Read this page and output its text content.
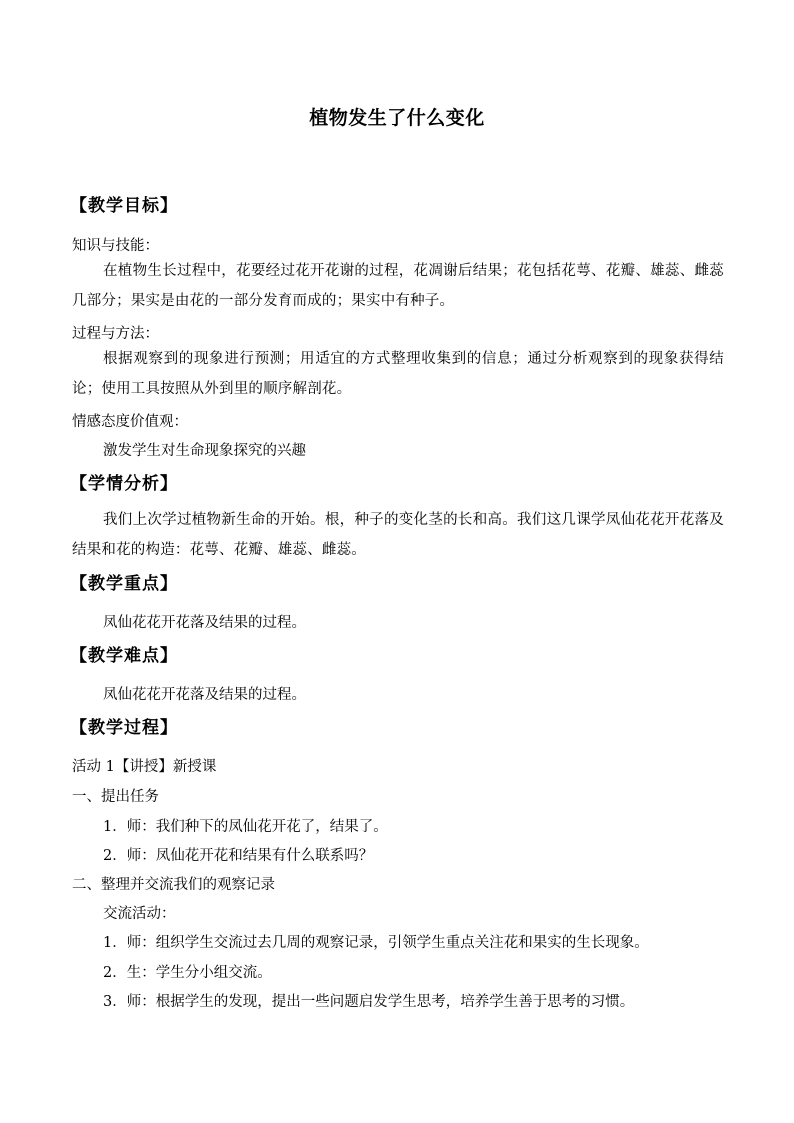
植物发生了什么变化
【教学目标】
知识与技能：
在植物生长过程中，花要经过花开花谢的过程，花凋谢后结果；花包括花萼、花瓣、雄蕊、雌蕊几部分；果实是由花的一部分发育而成的；果实中有种子。
过程与方法：
根据观察到的现象进行预测；用适宜的方式整理收集到的信息；通过分析观察到的现象获得结论；使用工具按照从外到里的顺序解剖花。
情感态度价值观：
激发学生对生命现象探究的兴趣
【学情分析】
我们上次学过植物新生命的开始。根，种子的变化茎的长和高。我们这几课学凤仙花花开花落及结果和花的构造：花萼、花瓣、雄蕊、雌蕊。
【教学重点】
凤仙花花开花落及结果的过程。
【教学难点】
凤仙花花开花落及结果的过程。
【教学过程】
活动 1【讲授】新授课
一、提出任务
1．师：我们种下的凤仙花开花了，结果了。
2．师：凤仙花开花和结果有什么联系吗？
二、整理并交流我们的观察记录
交流活动：
1．师：组织学生交流过去几周的观察记录，引领学生重点关注花和果实的生长现象。
2．生：学生分小组交流。
3．师：根据学生的发现，提出一些问题启发学生思考，培养学生善于思考的习惯。
